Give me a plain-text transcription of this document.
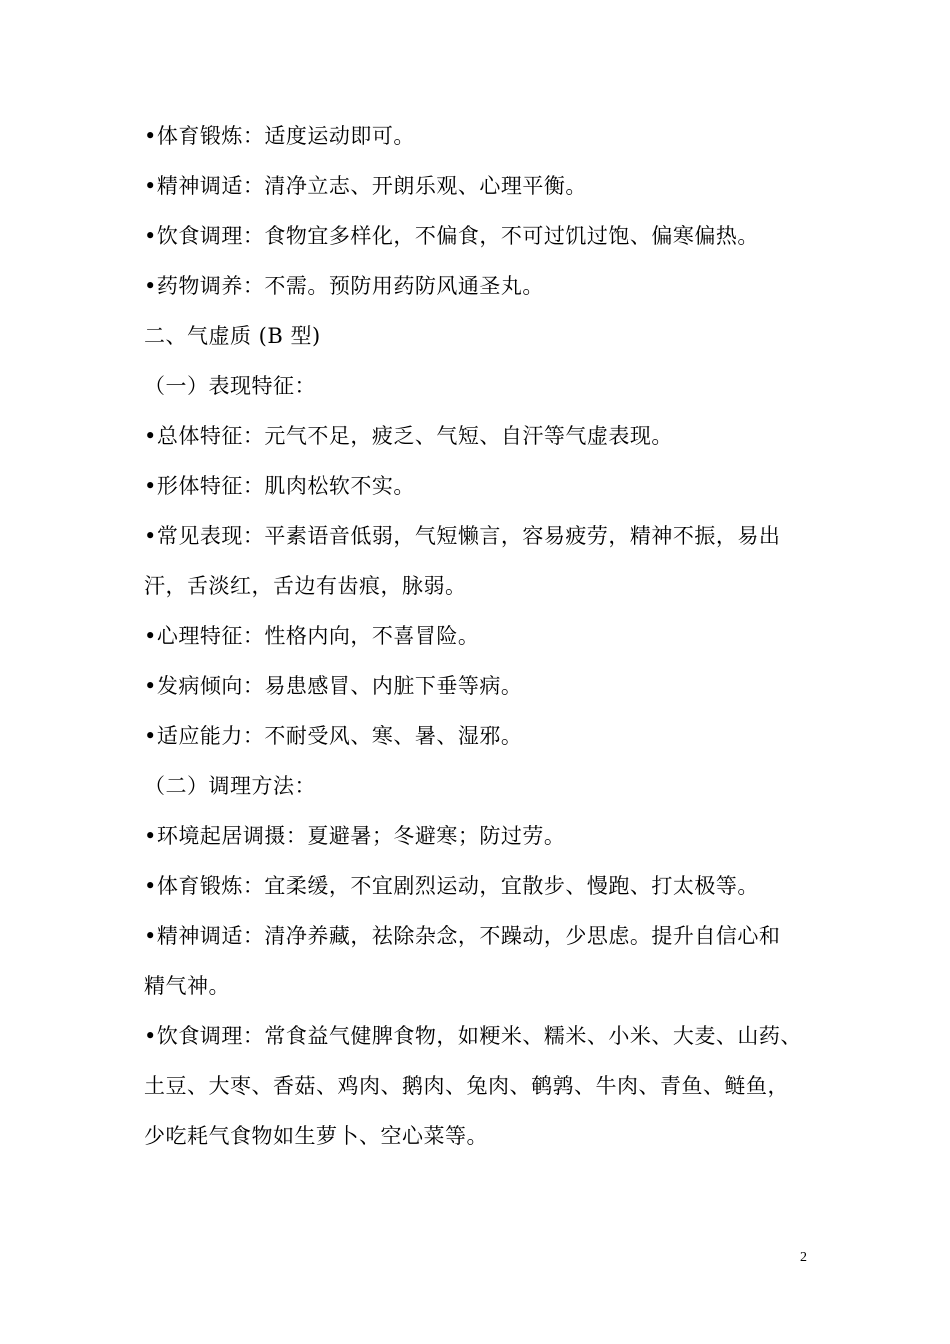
•体育锻炼：适度运动即可。
•精神调适：清净立志、开朗乐观、心理平衡。
•饮食调理：食物宜多样化，不偏食，不可过饥过饱、偏寒偏热。
•药物调养：不需。预防用药防风通圣丸。
二、气虚质 (B 型)
（一）表现特征：
•总体特征：元气不足，疲乏、气短、自汗等气虚表现。
•形体特征：肌肉松软不实。
•常见表现：平素语音低弱，气短懒言，容易疲劳，精神不振，易出
汗，舌淡红，舌边有齿痕，脉弱。
•心理特征：性格内向，不喜冒险。
•发病倾向：易患感冒、内脏下垂等病。
•适应能力：不耐受风、寒、暑、湿邪。
（二）调理方法：
•环境起居调摄：夏避暑；冬避寒；防过劳。
•体育锻炼：宜柔缓，不宜剧烈运动，宜散步、慢跑、打太极等。
•精神调适：清净养藏，祛除杂念，不躁动，少思虑。提升自信心和
精气神。
•饮食调理：常食益气健脾食物，如粳米、糯米、小米、大麦、山药、
土豆、大枣、香菇、鸡肉、鹅肉、兔肉、鹌鹑、牛肉、青鱼、鲢鱼，
少吃耗气食物如生萝卜、空心菜等。
2
